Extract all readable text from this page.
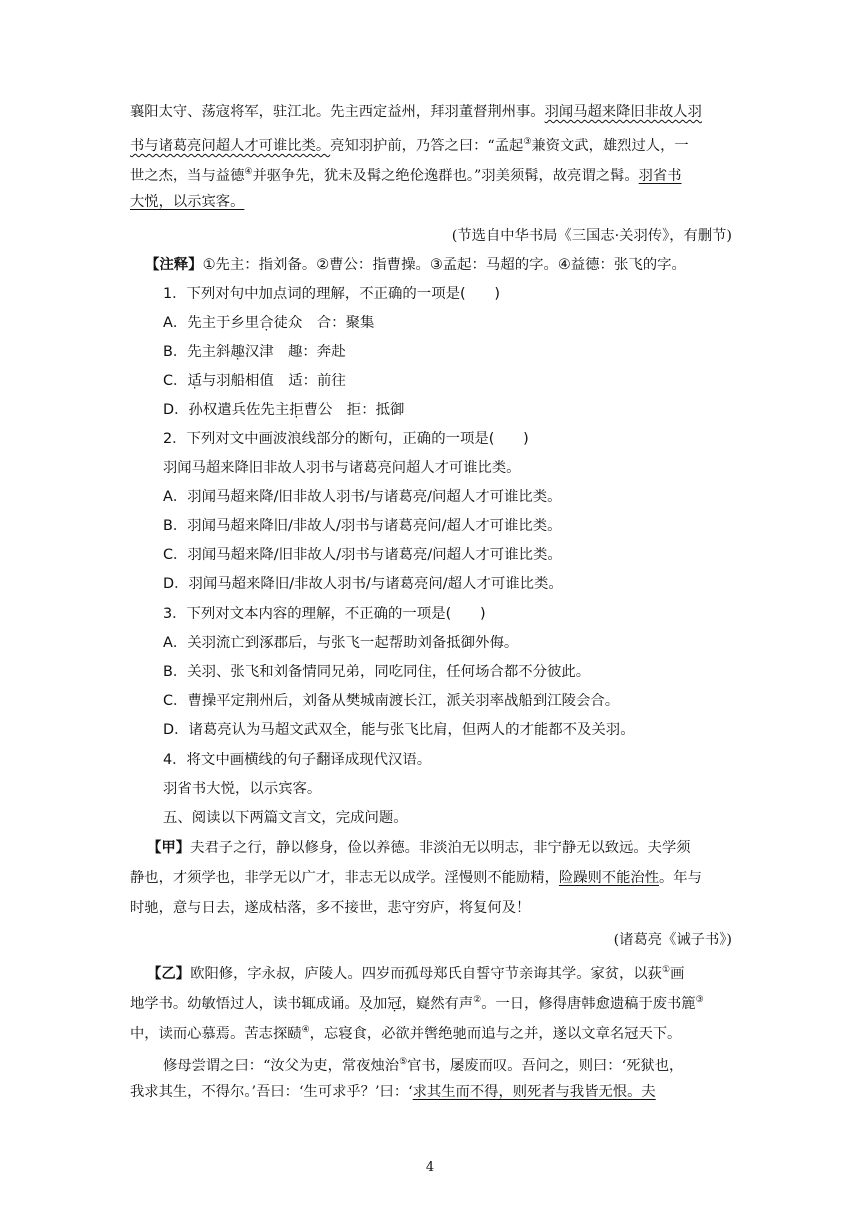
襄阳太守、荡寇将军，驻江北。先主西定益州，拜羽董督荆州事。羽闻马超来降旧非故人羽
书与诸葛亮问超人才可谁比类。亮知羽护前，乃答之曰：“孟起③兼资文武，雄烈过人，一
世之杰，当与益德④并驱争先，犹未及髯之绝伦逸群也。”羽美须髯，故亮谓之髯。羽省书
大悦，以示宾客。
(节选自中华书局《三国志·关羽传》，有删节)
【注释】①先主：指刘备。②曹公：指曹操。③孟起：马超的字。④益德：张飞的字。
1．下列对句中加点词的理解，不正确的一项是(　　)
A．先主于乡里合徒众　合：聚集
B．先主斜趣汉津　趣：奔赴
C．适与羽船相值　适：前往
D．孙权遣兵佐先主拒曹公　拒：抵御
2．下列对文中画波浪线部分的断句，正确的一项是(　　)
羽闻马超来降旧非故人羽书与诸葛亮问超人才可谁比类。
A．羽闻马超来降/旧非故人羽书/与诸葛亮/问超人才可谁比类。
B．羽闻马超来降旧/非故人/羽书与诸葛亮问/超人才可谁比类。
C．羽闻马超来降/旧非故人/羽书与诸葛亮/问超人才可谁比类。
D．羽闻马超来降旧/非故人羽书/与诸葛亮问/超人才可谁比类。
3．下列对文本内容的理解，不正确的一项是(　　)
A．关羽流亡到涿郡后，与张飞一起帮助刘备抵御外侮。
B．关羽、张飞和刘备情同兄弟，同吃同住，任何场合都不分彼此。
C．曹操平定荆州后，刘备从樊城南渡长江，派关羽率战船到江陵会合。
D．诸葛亮认为马超文武双全，能与张飞比肩，但两人的才能都不及关羽。
4．将文中画横线的句子翻译成现代汉语。
羽省书大悦，以示宾客。
五、阅读以下两篇文言文，完成问题。
【甲】夫君子之行，静以修身，俭以养德。非淡泊无以明志，非宁静无以致远。夫学须
静也，才须学也，非学无以广才，非志无以成学。淫慢则不能励精，险躁则不能治性。年与
时驰，意与日去，遂成枯落，多不接世，悲守穷庐，将复何及！
(诸葛亮《诫子书》)
【乙】欧阳修，字永叔，庐陵人。四岁而孤母郑氏自誓守节亲诲其学。家贫，以荻①画
地学书。幼敏悟过人，读书辄成诵。及加冠，嶷然有声②。一日，修得唐韩愈遗稿于废书簏③
中，读而心慕焉。苦志探赜④，忘寝食，必欲并辔绝驰而追与之并，遂以文章名冠天下。
修母尝谓之曰：“汝父为吏，常夜烛治⑤官书，屡废而叹。吾问之，则曰：‘死狱也，
我求其生，不得尔。’吾曰：‘生可求乎？’曰：‘求其生而不得，则死者与我皆无恨。夫
4
